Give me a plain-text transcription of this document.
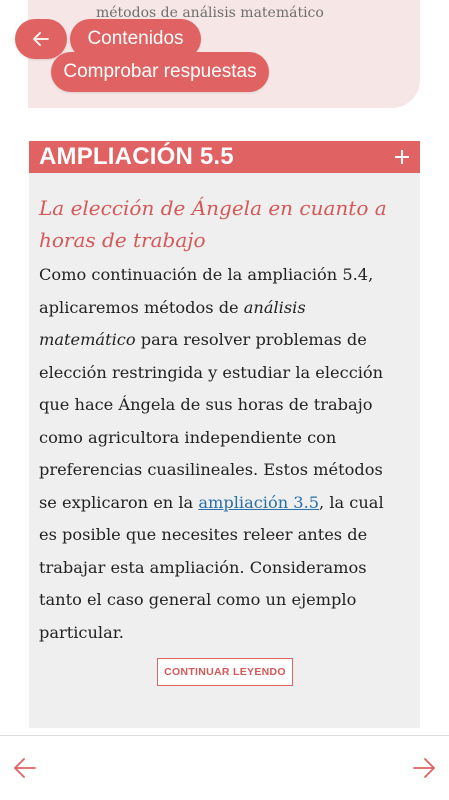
métodos de análisis matemático
Contenidos
Comprobar respuestas
AMPLIACIÓN 5.5
La elección de Ángela en cuanto a horas de trabajo

Como continuación de la ampliación 5.4, aplicaremos métodos de análisis matemático para resolver problemas de elección restringida y estudiar la elección que hace Ángela de sus horas de trabajo como agricultora independiente con preferencias cuasilineales. Estos métodos se explicaron en la ampliación 3.5, la cual es posible que necesites releer antes de trabajar esta ampliación. Consideramos tanto el caso general como un ejemplo particular.

CONTINUAR LEYENDO
